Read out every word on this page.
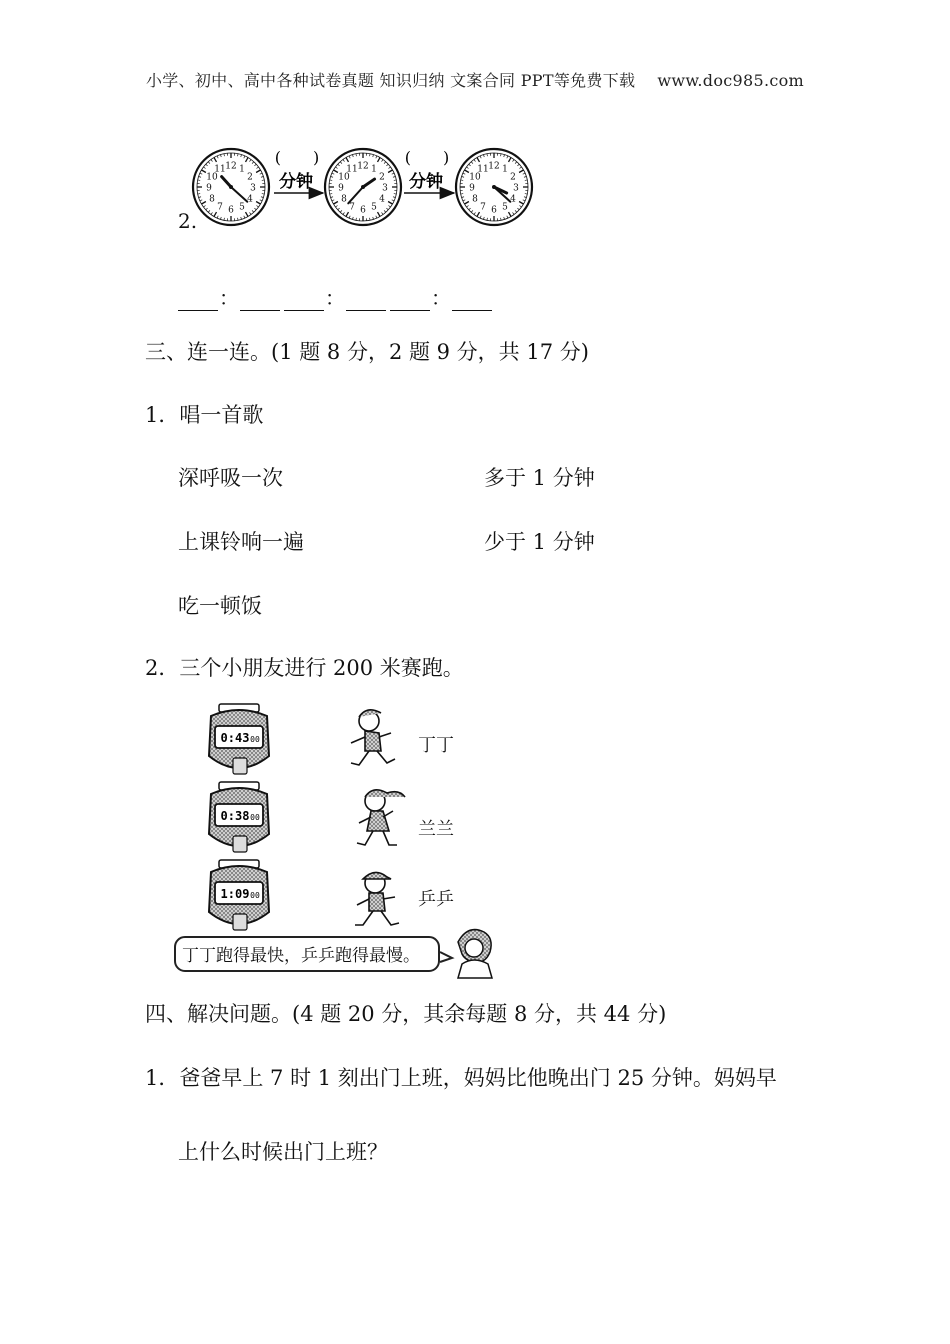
小学、初中、高中各种试卷真题 知识归纳 文案合同 PPT等免费下载 www.doc985.com
2.
1
2
3
4
5
6
7
8
9
10
11 12	1
2
3
4
5
6
7
8
9
10
11 12	1
2
3
4
5
6
7
8
9
10
11 12
(　　)
分钟
(　　)
分钟
：	：	：
三、连一连。(1 题 8 分，2 题 9 分，共 17 分)
1．唱一首歌
深呼吸一次
上课铃响一遍
吃一顿饭
多于 1 分钟
少于 1 分钟
2．三个小朋友进行 200 米赛跑。
0:43 00
0:38 00
1:09 00
丁丁
兰兰
乒乒
丁丁跑得最快，乒乒跑得最慢。
四、解决问题。(4 题 20 分，其余每题 8 分，共 44 分)
1．爸爸早上 7 时 1 刻出门上班，妈妈比他晚出门 25 分钟。妈妈早
上什么时候出门上班？
